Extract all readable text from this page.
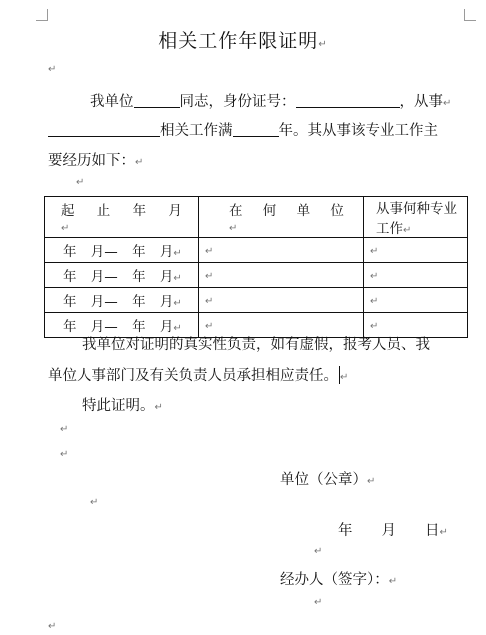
相关工作年限证明↵
↵
我单位	同志，身份证号：	，从事↵
相关工作满	年。其从事该专业工作主
要经历如下：↵
↵
起 止 年 月↵	在 何 单 位↵	从事何种专业工作↵
年 月— 年 月↵	↵	↵
年 月— 年 月↵	↵	↵
年 月— 年 月↵	↵	↵
年 月— 年 月↵	↵	↵
我单位对证明的真实性负责，如有虚假，报考人员、我
单位人事部门及有关负责人员承担相应责任。 ↵
特此证明。↵
↵
↵
单位（公章）↵
↵
年　　月　　日↵
↵
经办人（签字）：↵
↵
↵
